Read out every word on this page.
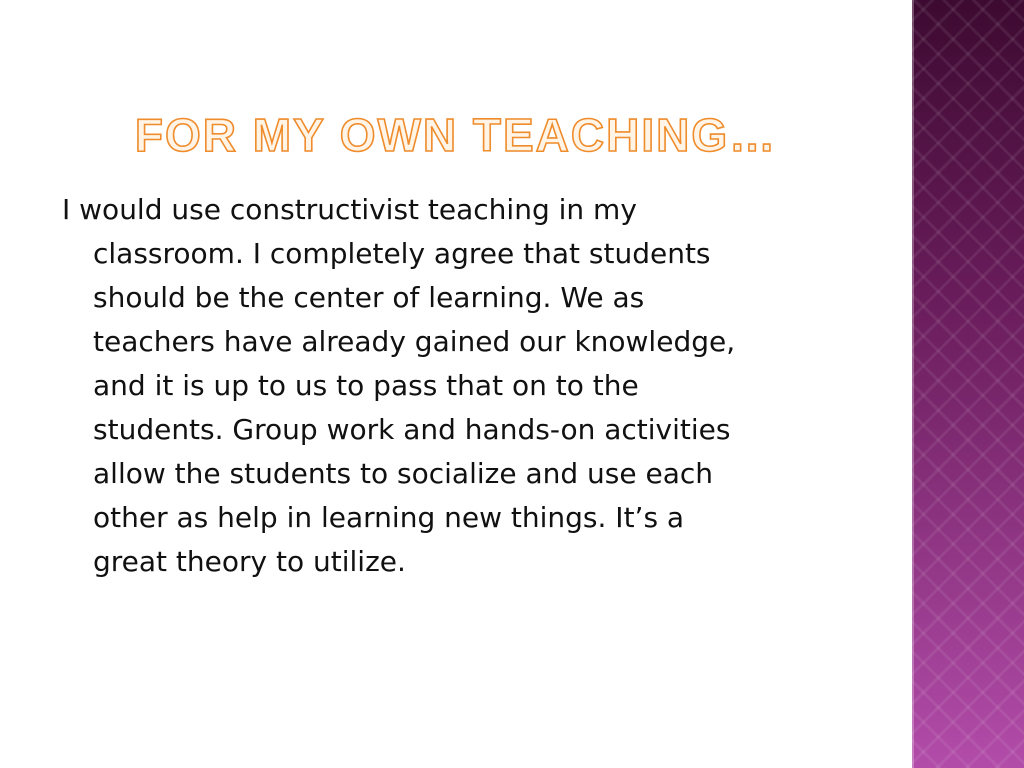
FOR MY OWN TEACHING…
I would use constructivist teaching in my
classroom. I completely agree that students
should be the center of learning. We as
teachers have already gained our knowledge,
and it is up to us to pass that on to the
students. Group work and hands-on activities
allow the students to socialize and use each
other as help in learning new things. It’s a
great theory to utilize.
